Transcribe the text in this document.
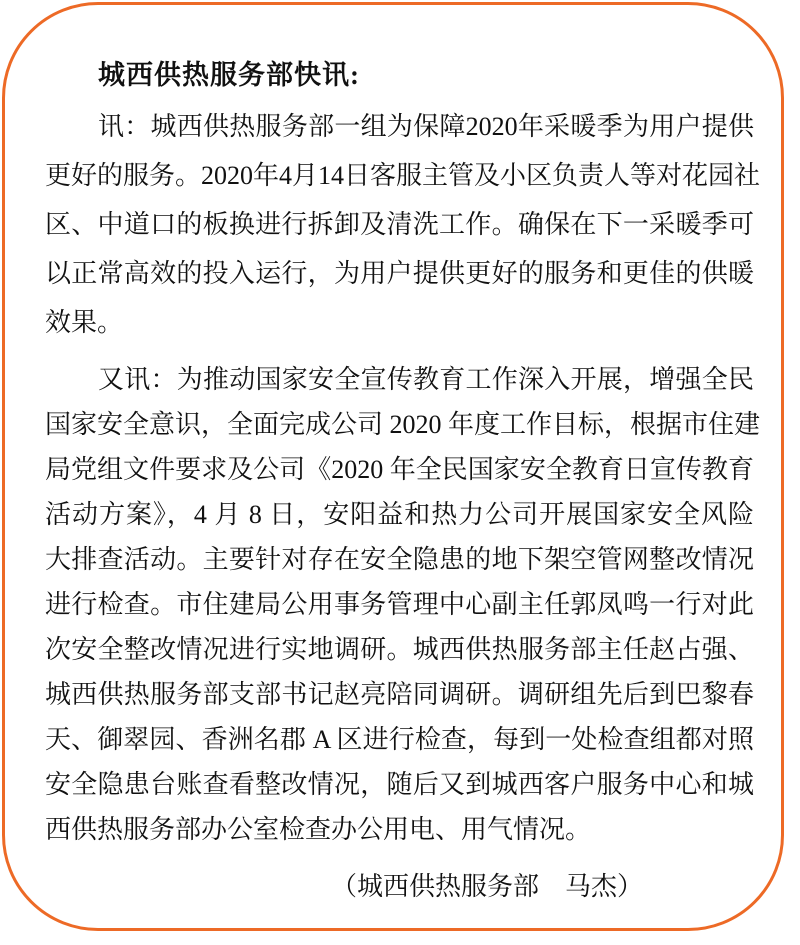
城西供热服务部快讯:
讯：城西供热服务部一组为保障2020年采暖季为用户提供
更好的服务。2020年4月14日客服主管及小区负责人等对花园社
区、中道口的板换进行拆卸及清洗工作。确保在下一采暖季可
以正常高效的投入运行，为用户提供更好的服务和更佳的供暖
效果。
又讯：为推动国家安全宣传教育工作深入开展，增强全民
国家安全意识，全面完成公司 2020 年度工作目标，根据市住建
局党组文件要求及公司《2020 年全民国家安全教育日宣传教育
活动方案》，4 月 8 日，安阳益和热力公司开展国家安全风险
大排查活动。主要针对存在安全隐患的地下架空管网整改情况
进行检查。市住建局公用事务管理中心副主任郭凤鸣一行对此
次安全整改情况进行实地调研。城西供热服务部主任赵占强、
城西供热服务部支部书记赵亮陪同调研。调研组先后到巴黎春
天、御翠园、香洲名郡 A 区进行检查，每到一处检查组都对照
安全隐患台账查看整改情况，随后又到城西客户服务中心和城
西供热服务部办公室检查办公用电、用气情况。
（城西供热服务部　马杰）
